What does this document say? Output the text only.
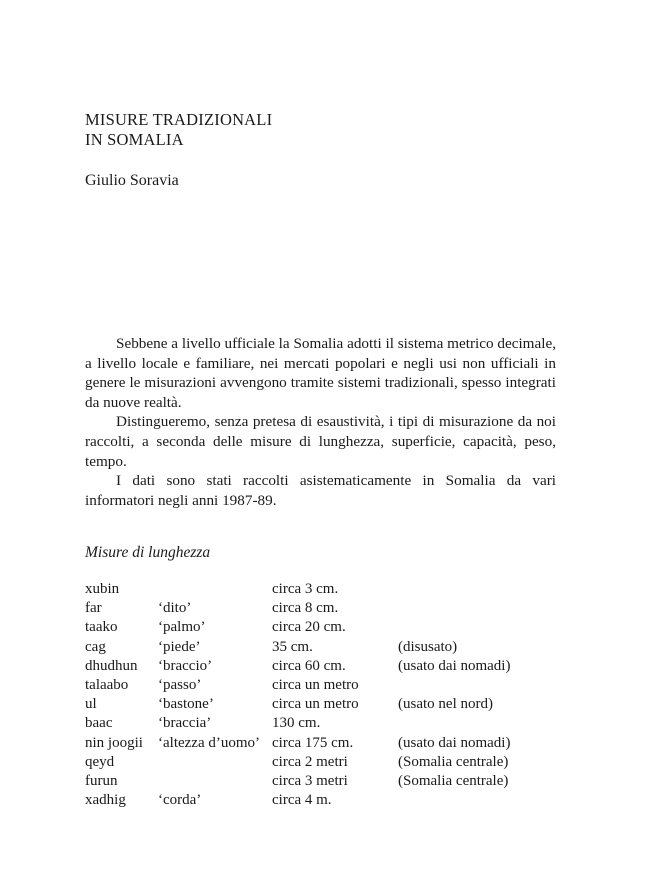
MISURE TRADIZIONALI
IN SOMALIA
Giulio Soravia

Sebbene a livello ufficiale la Somalia adotti il sistema metrico decimale, a livello locale e familiare, nei mercati popolari e negli usi non ufficiali in genere le misurazioni avvengono tramite sistemi tradizionali, spesso integrati da nuove realtà.

Distingueremo, senza pretesa di esaustività, i tipi di misurazione da noi raccolti, a seconda delle misure di lunghezza, superficie, capacità, peso, tempo.

I dati sono stati raccolti asistematicamente in Somalia da vari informatori negli anni 1987-89.

Misure di lunghezza
xubin		circa 3 cm.	
far	‘dito’	circa 8 cm.	
taako	‘palmo’	circa 20 cm.	
cag	‘piede’	35 cm.	(disusato)
dhudhun	‘braccio’	circa 60 cm.	(usato dai nomadi)
talaabo	‘passo’	circa un metro	
ul	‘bastone’	circa un metro	(usato nel nord)
baac	‘braccia’	130 cm.	
nin joogii	‘altezza d’uomo’	circa 175 cm.	(usato dai nomadi)
qeyd		circa 2 metri	(Somalia centrale)
furun		circa 3 metri	(Somalia centrale)
xadhig	‘corda’	circa 4 m.	
